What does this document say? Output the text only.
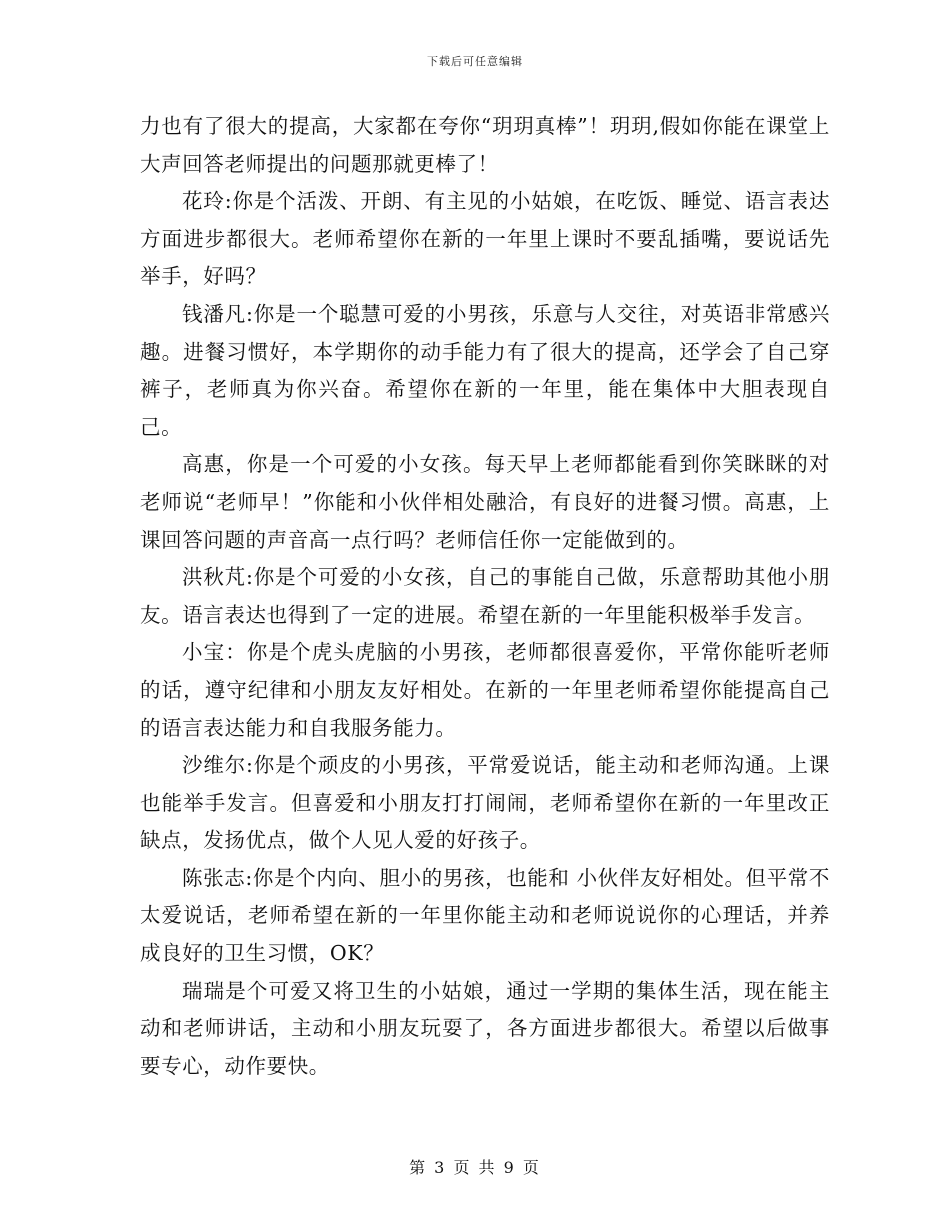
下载后可任意编辑

力也有了很大的提高，大家都在夸你“玥玥真棒”！玥玥,假如你能在课堂上大声回答老师提出的问题那就更棒了！

花玲:你是个活泼、开朗、有主见的小姑娘，在吃饭、睡觉、语言表达方面进步都很大。老师希望你在新的一年里上课时不要乱插嘴，要说话先举手，好吗？

钱潘凡:你是一个聪慧可爱的小男孩，乐意与人交往，对英语非常感兴趣。进餐习惯好，本学期你的动手能力有了很大的提高，还学会了自己穿裤子，老师真为你兴奋。希望你在新的一年里，能在集体中大胆表现自己。

高惠，你是一个可爱的小女孩。每天早上老师都能看到你笑眯眯的对老师说“老师早！”你能和小伙伴相处融洽，有良好的进餐习惯。高惠，上课回答问题的声音高一点行吗？老师信任你一定能做到的。

洪秋芃:你是个可爱的小女孩，自己的事能自己做，乐意帮助其他小朋友。语言表达也得到了一定的进展。希望在新的一年里能积极举手发言。

小宝：你是个虎头虎脑的小男孩，老师都很喜爱你，平常你能听老师的话，遵守纪律和小朋友友好相处。在新的一年里老师希望你能提高自己的语言表达能力和自我服务能力。

沙维尔:你是个顽皮的小男孩，平常爱说话，能主动和老师沟通。上课也能举手发言。但喜爱和小朋友打打闹闹，老师希望你在新的一年里改正缺点，发扬优点，做个人见人爱的好孩子。

陈张志:你是个内向、胆小的男孩，也能和 小伙伴友好相处。但平常不太爱说话，老师希望在新的一年里你能主动和老师说说你的心理话，并养成良好的卫生习惯，OK？

瑞瑞是个可爱又将卫生的小姑娘，通过一学期的集体生活，现在能主动和老师讲话，主动和小朋友玩耍了，各方面进步都很大。希望以后做事要专心，动作要快。

第 3 页 共 9 页
